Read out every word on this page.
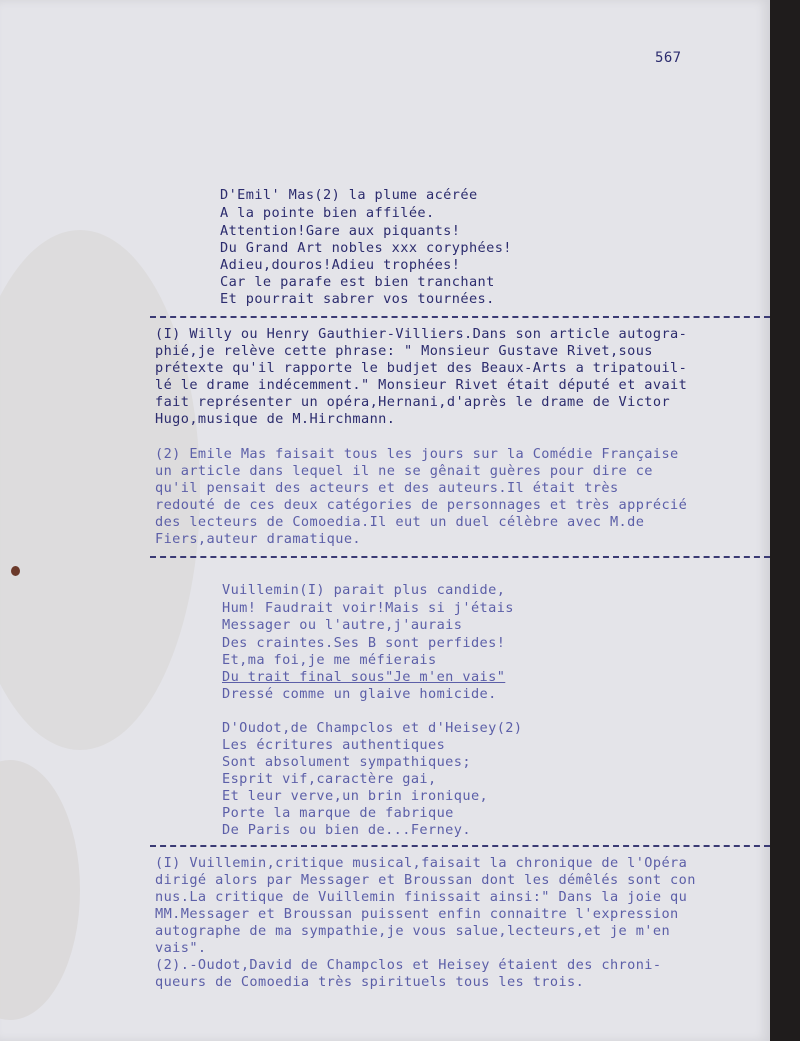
567

D'Emil' Mas(2) la plume acérée

A la pointe bien affilée.

Attention!Gare aux piquants!

Du Grand Art nobles xxx coryphées!

Adieu,douros!Adieu trophées!

Car le parafe est bien tranchant

Et pourrait sabrer vos tournées.

(I) Willy ou Henry Gauthier-Villiers.Dans son article autogra-

phié,je relève cette phrase: " Monsieur Gustave Rivet,sous

prétexte qu'il rapporte le budjet des Beaux-Arts a tripatouil-

lé le drame indécemment." Monsieur Rivet était député et avait

fait représenter un opéra,Hernani,d'après le drame de Victor

Hugo,musique de M.Hirchmann.

(2) Emile Mas faisait tous les jours sur la Comédie Française

un article dans lequel il ne se gênait guères pour dire ce

qu'il pensait des acteurs et des auteurs.Il était très

redouté de ces deux catégories de personnages et très apprécié

des lecteurs de Comoedia.Il eut un duel célèbre avec M.de

Fiers,auteur dramatique.

Vuillemin(I) parait plus candide,

Hum! Faudrait voir!Mais si j'étais

Messager ou l'autre,j'aurais

Des craintes.Ses B sont perfides!

Et,ma foi,je me méfierais

Du trait final sous"Je m'en vais"

Dressé comme un glaive homicide.

D'Oudot,de Champclos et d'Heisey(2)

Les écritures authentiques

Sont absolument sympathiques;

Esprit vif,caractère gai,

Et leur verve,un brin ironique,

Porte la marque de fabrique

De Paris ou bien de...Ferney.

(I) Vuillemin,critique musical,faisait la chronique de l'Opéra

dirigé alors par Messager et Broussan dont les démêlés sont con

nus.La critique de Vuillemin finissait ainsi:" Dans la joie qu

MM.Messager et Broussan puissent enfin connaitre l'expression

autographe de ma sympathie,je vous salue,lecteurs,et je m'en

vais".

(2).-Oudot,David de Champclos et Heisey étaient des chroni-

queurs de Comoedia très spirituels tous les trois.
